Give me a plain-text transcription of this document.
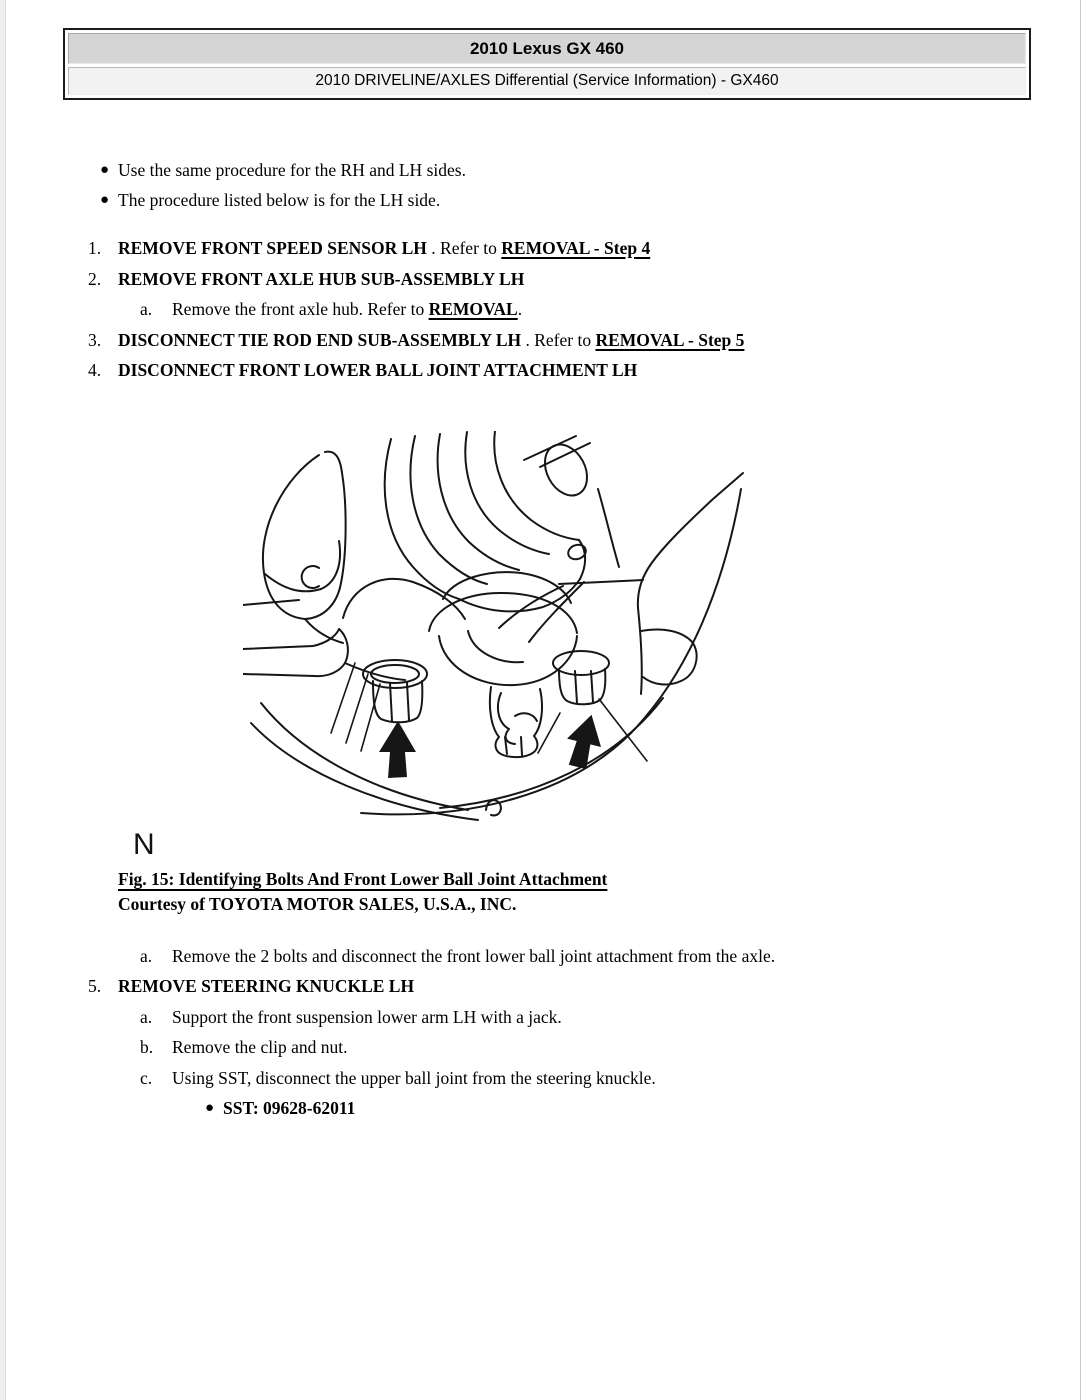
2010 Lexus GX 460
2010 DRIVELINE/AXLES Differential (Service Information) - GX460
● Use the same procedure for the RH and LH sides.
● The procedure listed below is for the LH side.
1. REMOVE FRONT SPEED SENSOR LH . Refer to REMOVAL - Step 4
2. REMOVE FRONT AXLE HUB SUB-ASSEMBLY LH
a. Remove the front axle hub. Refer to REMOVAL.
3. DISCONNECT TIE ROD END SUB-ASSEMBLY LH . Refer to REMOVAL - Step 5
4. DISCONNECT FRONT LOWER BALL JOINT ATTACHMENT LH
N
Fig. 15: Identifying Bolts And Front Lower Ball Joint Attachment
Courtesy of TOYOTA MOTOR SALES, U.S.A., INC.
a. Remove the 2 bolts and disconnect the front lower ball joint attachment from the axle.
5. REMOVE STEERING KNUCKLE LH
a. Support the front suspension lower arm LH with a jack.
b. Remove the clip and nut.
c. Using SST, disconnect the upper ball joint from the steering knuckle.
● SST: 09628-62011
